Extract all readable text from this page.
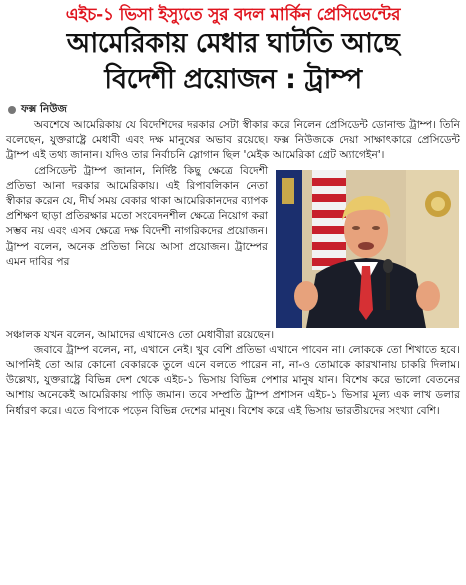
এইচ-১ ভিসা ইস্যুতে সুর বদল মার্কিন প্রেসিডেন্টের
আমেরিকায় মেধার ঘাটতি আছে
বিদেশী প্রয়োজন : ট্রাম্প
ফক্স নিউজ

অবশেষে আমেরিকায় যে বিদেশিদের দরকার সেটা স্বীকার করে নিলেন প্রেসিডেন্ট ডোনাল্ড ট্রাম্প। তিনি বলেছেন, যুক্তরাষ্ট্রে মেধাবী এবং দক্ষ মানুষের অভাব রয়েছে। ফক্স নিউজকে দেয়া সাক্ষাৎকারে প্রেসিডেন্ট ট্রাম্প এই তথ্য জানান। যদিও তার নির্বাচনি স্লোগান ছিল 'মেইক আমেরিকা গ্রেট অ্যাগেইন'।

প্রেসিডেন্ট ট্রাম্প জানান, নির্দিষ্ট কিছু ক্ষেত্রে বিদেশী প্রতিভা আনা দরকার আমেরিকায়। এই রিপাবলিকান নেতা স্বীকার করেন যে, দীর্ঘ সময় বেকার থাকা আমেরিকানদের ব্যাপক প্রশিক্ষণ ছাড়া প্রতিরক্ষার মতো সংবেদনশীল ক্ষেত্রে নিয়োগ করা সম্ভব নয় এবং এসব ক্ষেত্রে দক্ষ বিদেশী নাগরিকদের প্রয়োজন। ট্রাম্প বলেন, অনেক প্রতিভা নিয়ে আসা প্রয়োজন। ট্রাম্পের এমন দাবির পর

সঞ্চালক যখন বলেন, আমাদের এখানেও তো মেধাবীরা রয়েছেন।

জবাবে ট্রাম্প বলেন, না, এখানে নেই। খুব বেশি প্রতিভা এখানে পাবেন না। লোককে তো শিখাতে হবে। আপনিই তো আর কোনো বেকারকে তুলে এনে বলতে পারেন না, না-ও তোমাকে কারখানায় চাকরি দিলাম। উল্লেখ্য, যুক্তরাষ্ট্রে বিভিন্ন দেশ থেকে এইচ-১ ভিসায় বিভিন্ন পেশার মানুষ যান। বিশেষ করে ভালো বেতনের আশায় অনেকেই আমেরিকায় পাড়ি জমান। তবে সম্প্রতি ট্রাম্প প্রশাসন এইচ-১ ভিসার মূল্য এক লাখ ডলার নির্ধারণ করে। এতে বিপাকে পড়েন বিভিন্ন দেশের মানুষ। বিশেষ করে এই ভিসায় ভারতীয়দের সংখ্যা বেশি।
